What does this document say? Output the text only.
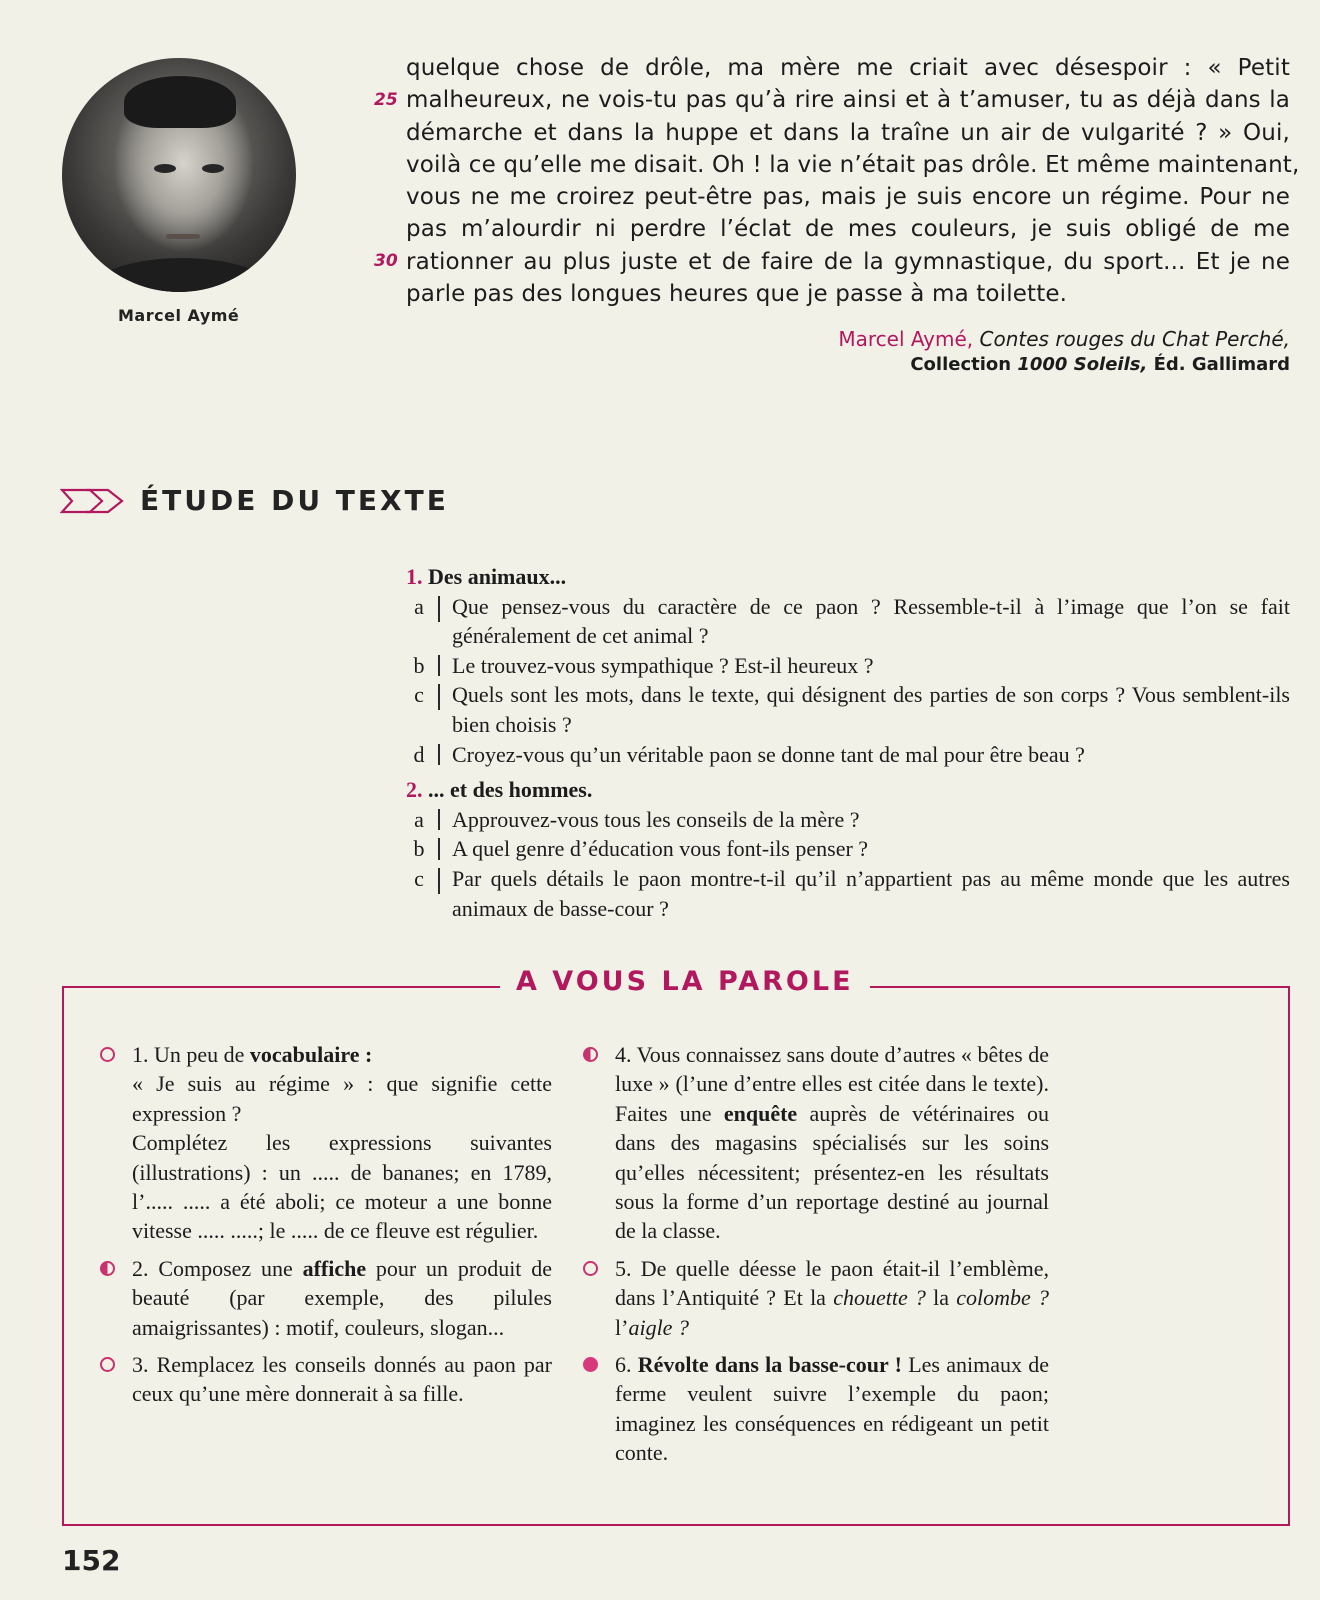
Marcel Aymé
25
30
quelque chose de drôle, ma mère me criait avec désespoir : « Petit
malheureux, ne vois-tu pas qu’à rire ainsi et à t’amuser, tu as déjà dans la
démarche et dans la huppe et dans la traîne un air de vulgarité ? » Oui,
voilà ce qu’elle me disait. Oh ! la vie n’était pas drôle. Et même maintenant,
vous ne me croirez peut-être pas, mais je suis encore un régime. Pour ne
pas m’alourdir ni perdre l’éclat de mes couleurs, je suis obligé de me
rationner au plus juste et de faire de la gymnastique, du sport... Et je ne
parle pas des longues heures que je passe à ma toilette.
Marcel Aymé, Contes rouges du Chat Perché,
Collection 1000 Soleils, Éd. Gallimard
ÉTUDE DU TEXTE
1. Des animaux...
a	Que pensez-vous du caractère de ce paon ? Ressemble-t-il à l’image que l’on se fait généralement de cet animal ?
b	Le trouvez-vous sympathique ? Est-il heureux ?
c	Quels sont les mots, dans le texte, qui désignent des parties de son corps ? Vous semblent-ils bien choisis ?
d	Croyez-vous qu’un véritable paon se donne tant de mal pour être beau ?
2. ... et des hommes.
a	Approuvez-vous tous les conseils de la mère ?
b	A quel genre d’éducation vous font-ils penser ?
c	Par quels détails le paon montre-t-il qu’il n’appartient pas au même monde que les autres animaux de basse-cour ?
A VOUS LA PAROLE
1. Un peu de vocabulaire :
« Je suis au régime » : que signifie cette expression ?
Complétez les expressions suivantes (illustrations) : un ..... de bananes; en 1789, l’..... ..... a été aboli; ce moteur a une bonne vitesse ..... .....; le ..... de ce fleuve est régulier.
2. Composez une affiche pour un produit de beauté (par exemple, des pilules amaigrissantes) : motif, couleurs, slogan...
3. Remplacez les conseils donnés au paon par ceux qu’une mère donnerait à sa fille.
4. Vous connaissez sans doute d’autres « bêtes de luxe » (l’une d’entre elles est citée dans le texte). Faites une enquête auprès de vétérinaires ou dans des magasins spécialisés sur les soins qu’elles nécessitent; présentez-en les résultats sous la forme d’un reportage destiné au journal de la classe.
5. De quelle déesse le paon était-il l’emblème, dans l’Antiquité ? Et la chouette ? la colombe ? l’aigle ?
6. Révolte dans la basse-cour ! Les animaux de ferme veulent suivre l’exemple du paon; imaginez les conséquences en rédigeant un petit conte.
152
